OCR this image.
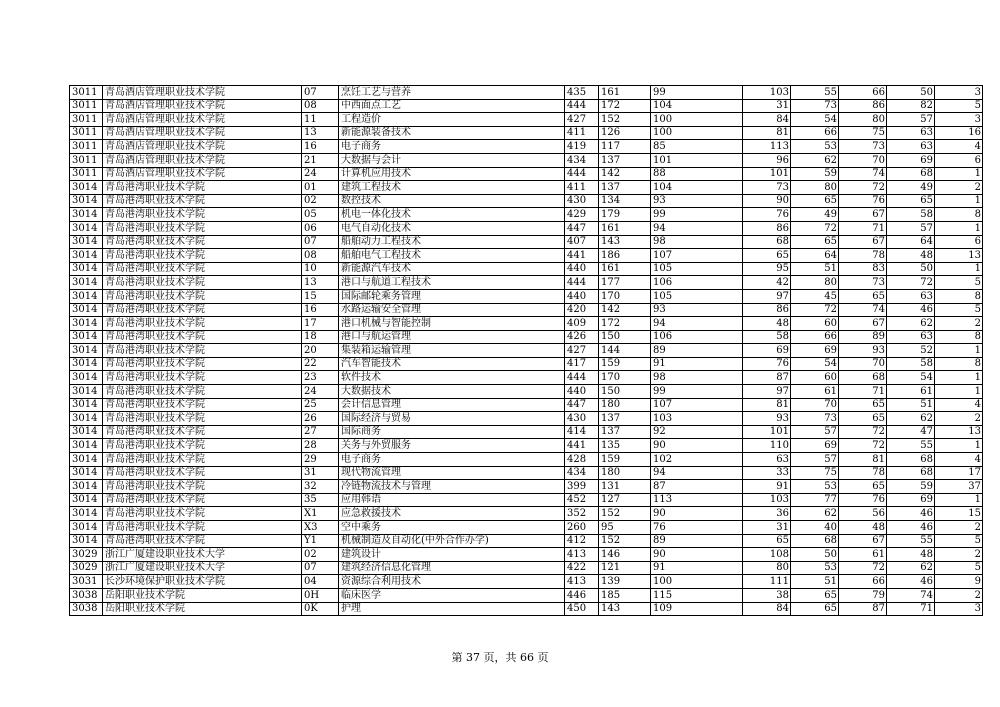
3011	青岛酒店管理职业技术学院	07	烹饪工艺与营养	435	161	99	103	55	66	50	3
3011	青岛酒店管理职业技术学院	08	中西面点工艺	444	172	104	31	73	86	82	5
3011	青岛酒店管理职业技术学院	11	工程造价	427	152	100	84	54	80	57	3
3011	青岛酒店管理职业技术学院	13	新能源装备技术	411	126	100	81	66	75	63	16
3011	青岛酒店管理职业技术学院	16	电子商务	419	117	85	113	53	73	63	4
3011	青岛酒店管理职业技术学院	21	大数据与会计	434	137	101	96	62	70	69	6
3011	青岛酒店管理职业技术学院	24	计算机应用技术	444	142	88	101	59	74	68	1
3014	青岛港湾职业技术学院	01	建筑工程技术	411	137	104	73	80	72	49	2
3014	青岛港湾职业技术学院	02	数控技术	430	134	93	90	65	76	65	1
3014	青岛港湾职业技术学院	05	机电一体化技术	429	179	99	76	49	67	58	8
3014	青岛港湾职业技术学院	06	电气自动化技术	447	161	94	86	72	71	57	1
3014	青岛港湾职业技术学院	07	船舶动力工程技术	407	143	98	68	65	67	64	6
3014	青岛港湾职业技术学院	08	船舶电气工程技术	441	186	107	65	64	78	48	13
3014	青岛港湾职业技术学院	10	新能源汽车技术	440	161	105	95	51	83	50	1
3014	青岛港湾职业技术学院	13	港口与航道工程技术	444	177	106	42	80	73	72	5
3014	青岛港湾职业技术学院	15	国际邮轮乘务管理	440	170	105	97	45	65	63	8
3014	青岛港湾职业技术学院	16	水路运输安全管理	420	142	93	86	72	74	46	5
3014	青岛港湾职业技术学院	17	港口机械与智能控制	409	172	94	48	60	67	62	2
3014	青岛港湾职业技术学院	18	港口与航运管理	426	150	106	58	66	89	63	8
3014	青岛港湾职业技术学院	20	集装箱运输管理	427	144	89	69	69	93	52	1
3014	青岛港湾职业技术学院	22	汽车智能技术	417	159	91	76	54	70	58	8
3014	青岛港湾职业技术学院	23	软件技术	444	170	98	87	60	68	54	1
3014	青岛港湾职业技术学院	24	大数据技术	440	150	99	97	61	71	61	1
3014	青岛港湾职业技术学院	25	会计信息管理	447	180	107	81	70	65	51	4
3014	青岛港湾职业技术学院	26	国际经济与贸易	430	137	103	93	73	65	62	2
3014	青岛港湾职业技术学院	27	国际商务	414	137	92	101	57	72	47	13
3014	青岛港湾职业技术学院	28	关务与外贸服务	441	135	90	110	69	72	55	1
3014	青岛港湾职业技术学院	29	电子商务	428	159	102	63	57	81	68	4
3014	青岛港湾职业技术学院	31	现代物流管理	434	180	94	33	75	78	68	17
3014	青岛港湾职业技术学院	32	冷链物流技术与管理	399	131	87	91	53	65	59	37
3014	青岛港湾职业技术学院	35	应用韩语	452	127	113	103	77	76	69	1
3014	青岛港湾职业技术学院	X1	应急救援技术	352	152	90	36	62	56	46	15
3014	青岛港湾职业技术学院	X3	空中乘务	260	95	76	31	40	48	46	2
3014	青岛港湾职业技术学院	Y1	机械制造及自动化(中外合作办学)	412	152	89	65	68	67	55	5
3029	浙江广厦建设职业技术大学	02	建筑设计	413	146	90	108	50	61	48	2
3029	浙江广厦建设职业技术大学	07	建筑经济信息化管理	422	121	91	80	53	72	62	5
3031	长沙环境保护职业技术学院	04	资源综合利用技术	413	139	100	111	51	66	46	9
3038	岳阳职业技术学院	0H	临床医学	446	185	115	38	65	79	74	2
3038	岳阳职业技术学院	0K	护理	450	143	109	84	65	87	71	3
第 37 页，共 66 页
